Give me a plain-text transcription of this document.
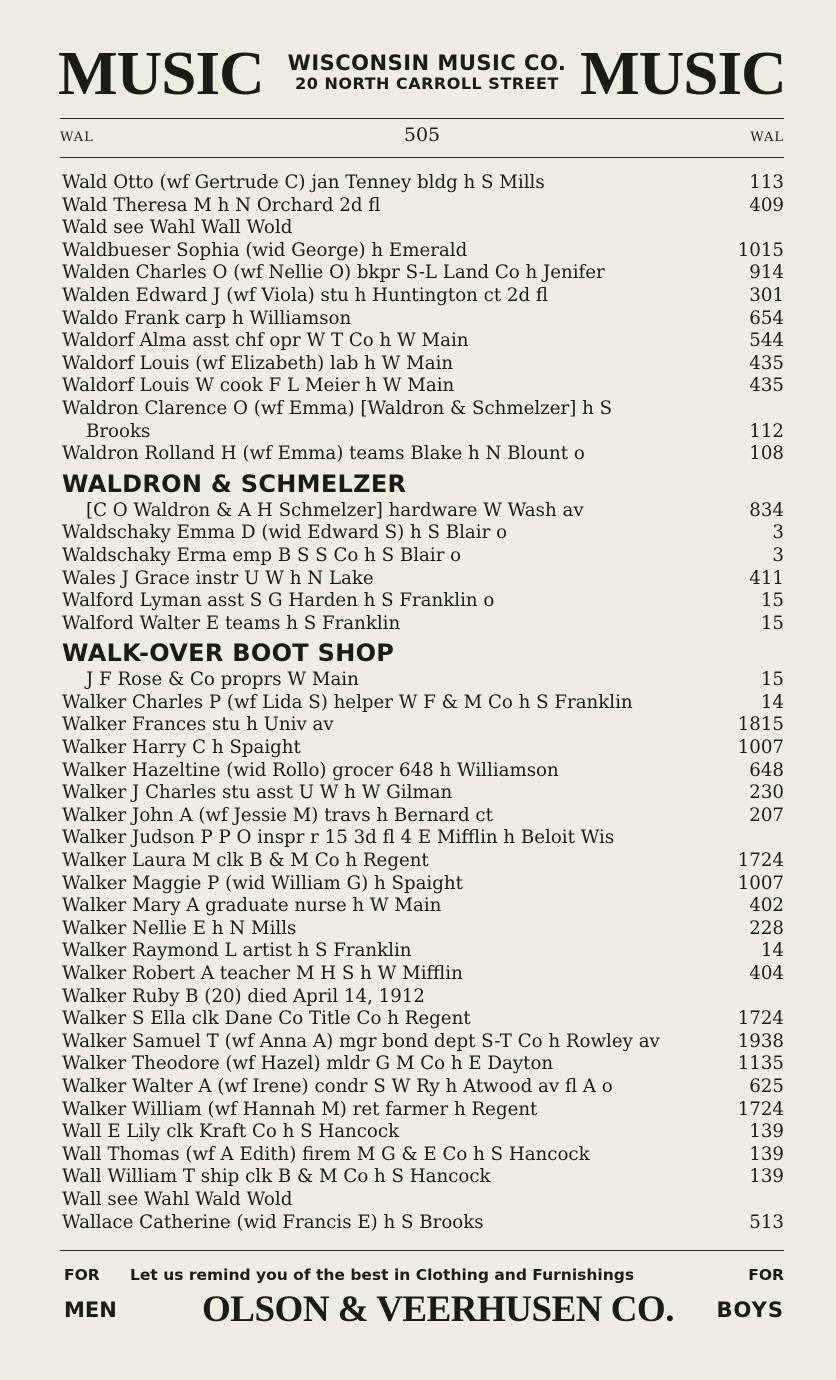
MUSIC	WISCONSIN MUSIC CO.
20 NORTH CARROLL STREET MUSIC
WAL	505	WAL
Wald Otto (wf Gertrude C) jan Tenney bldg h S Mills	113
Wald Theresa M h N Orchard 2d fl	409
Wald see Wahl Wall Wold
Waldbueser Sophia (wid George) h Emerald	1015
Walden Charles O (wf Nellie O) bkpr S-L Land Co h Jenifer	914
Walden Edward J (wf Viola) stu h Huntington ct 2d fl	301
Waldo Frank carp h Williamson	654
Waldorf Alma asst chf opr W T Co h W Main	544
Waldorf Louis (wf Elizabeth) lab h W Main	435
Waldorf Louis W cook F L Meier h W Main	435
Waldron Clarence O (wf Emma) [Waldron & Schmelzer] h S
Brooks	112
Waldron Rolland H (wf Emma) teams Blake h N Blount o	108
WALDRON & SCHMELZER
[C O Waldron & A H Schmelzer] hardware W Wash av	834
Waldschaky Emma D (wid Edward S) h S Blair o	3
Waldschaky Erma emp B S S Co h S Blair o	3
Wales J Grace instr U W h N Lake	411
Walford Lyman asst S G Harden h S Franklin o	15
Walford Walter E teams h S Franklin	15
WALK-OVER BOOT SHOP
J F Rose & Co proprs W Main	15
Walker Charles P (wf Lida S) helper W F & M Co h S Franklin	14
Walker Frances stu h Univ av	1815
Walker Harry C h Spaight	1007
Walker Hazeltine (wid Rollo) grocer 648 h Williamson	648
Walker J Charles stu asst U W h W Gilman	230
Walker John A (wf Jessie M) travs h Bernard ct	207
Walker Judson P P O inspr r 15 3d fl 4 E Mifflin h Beloit Wis
Walker Laura M clk B & M Co h Regent	1724
Walker Maggie P (wid William G) h Spaight	1007
Walker Mary A graduate nurse h W Main	402
Walker Nellie E h N Mills	228
Walker Raymond L artist h S Franklin	14
Walker Robert A teacher M H S h W Mifflin	404
Walker Ruby B (20) died April 14, 1912
Walker S Ella clk Dane Co Title Co h Regent	1724
Walker Samuel T (wf Anna A) mgr bond dept S-T Co h Rowley av	1938
Walker Theodore (wf Hazel) mldr G M Co h E Dayton	1135
Walker Walter A (wf Irene) condr S W Ry h Atwood av fl A o	625
Walker William (wf Hannah M) ret farmer h Regent	1724
Wall E Lily clk Kraft Co h S Hancock	139
Wall Thomas (wf A Edith) firem M G & E Co h S Hancock	139
Wall William T ship clk B & M Co h S Hancock	139
Wall see Wahl Wald Wold
Wallace Catherine (wid Francis E) h S Brooks	513
FOR Let us remind you of the best in Clothing and Furnishings	FOR
MEN OLSON & VEERHUSEN CO. BOYS
